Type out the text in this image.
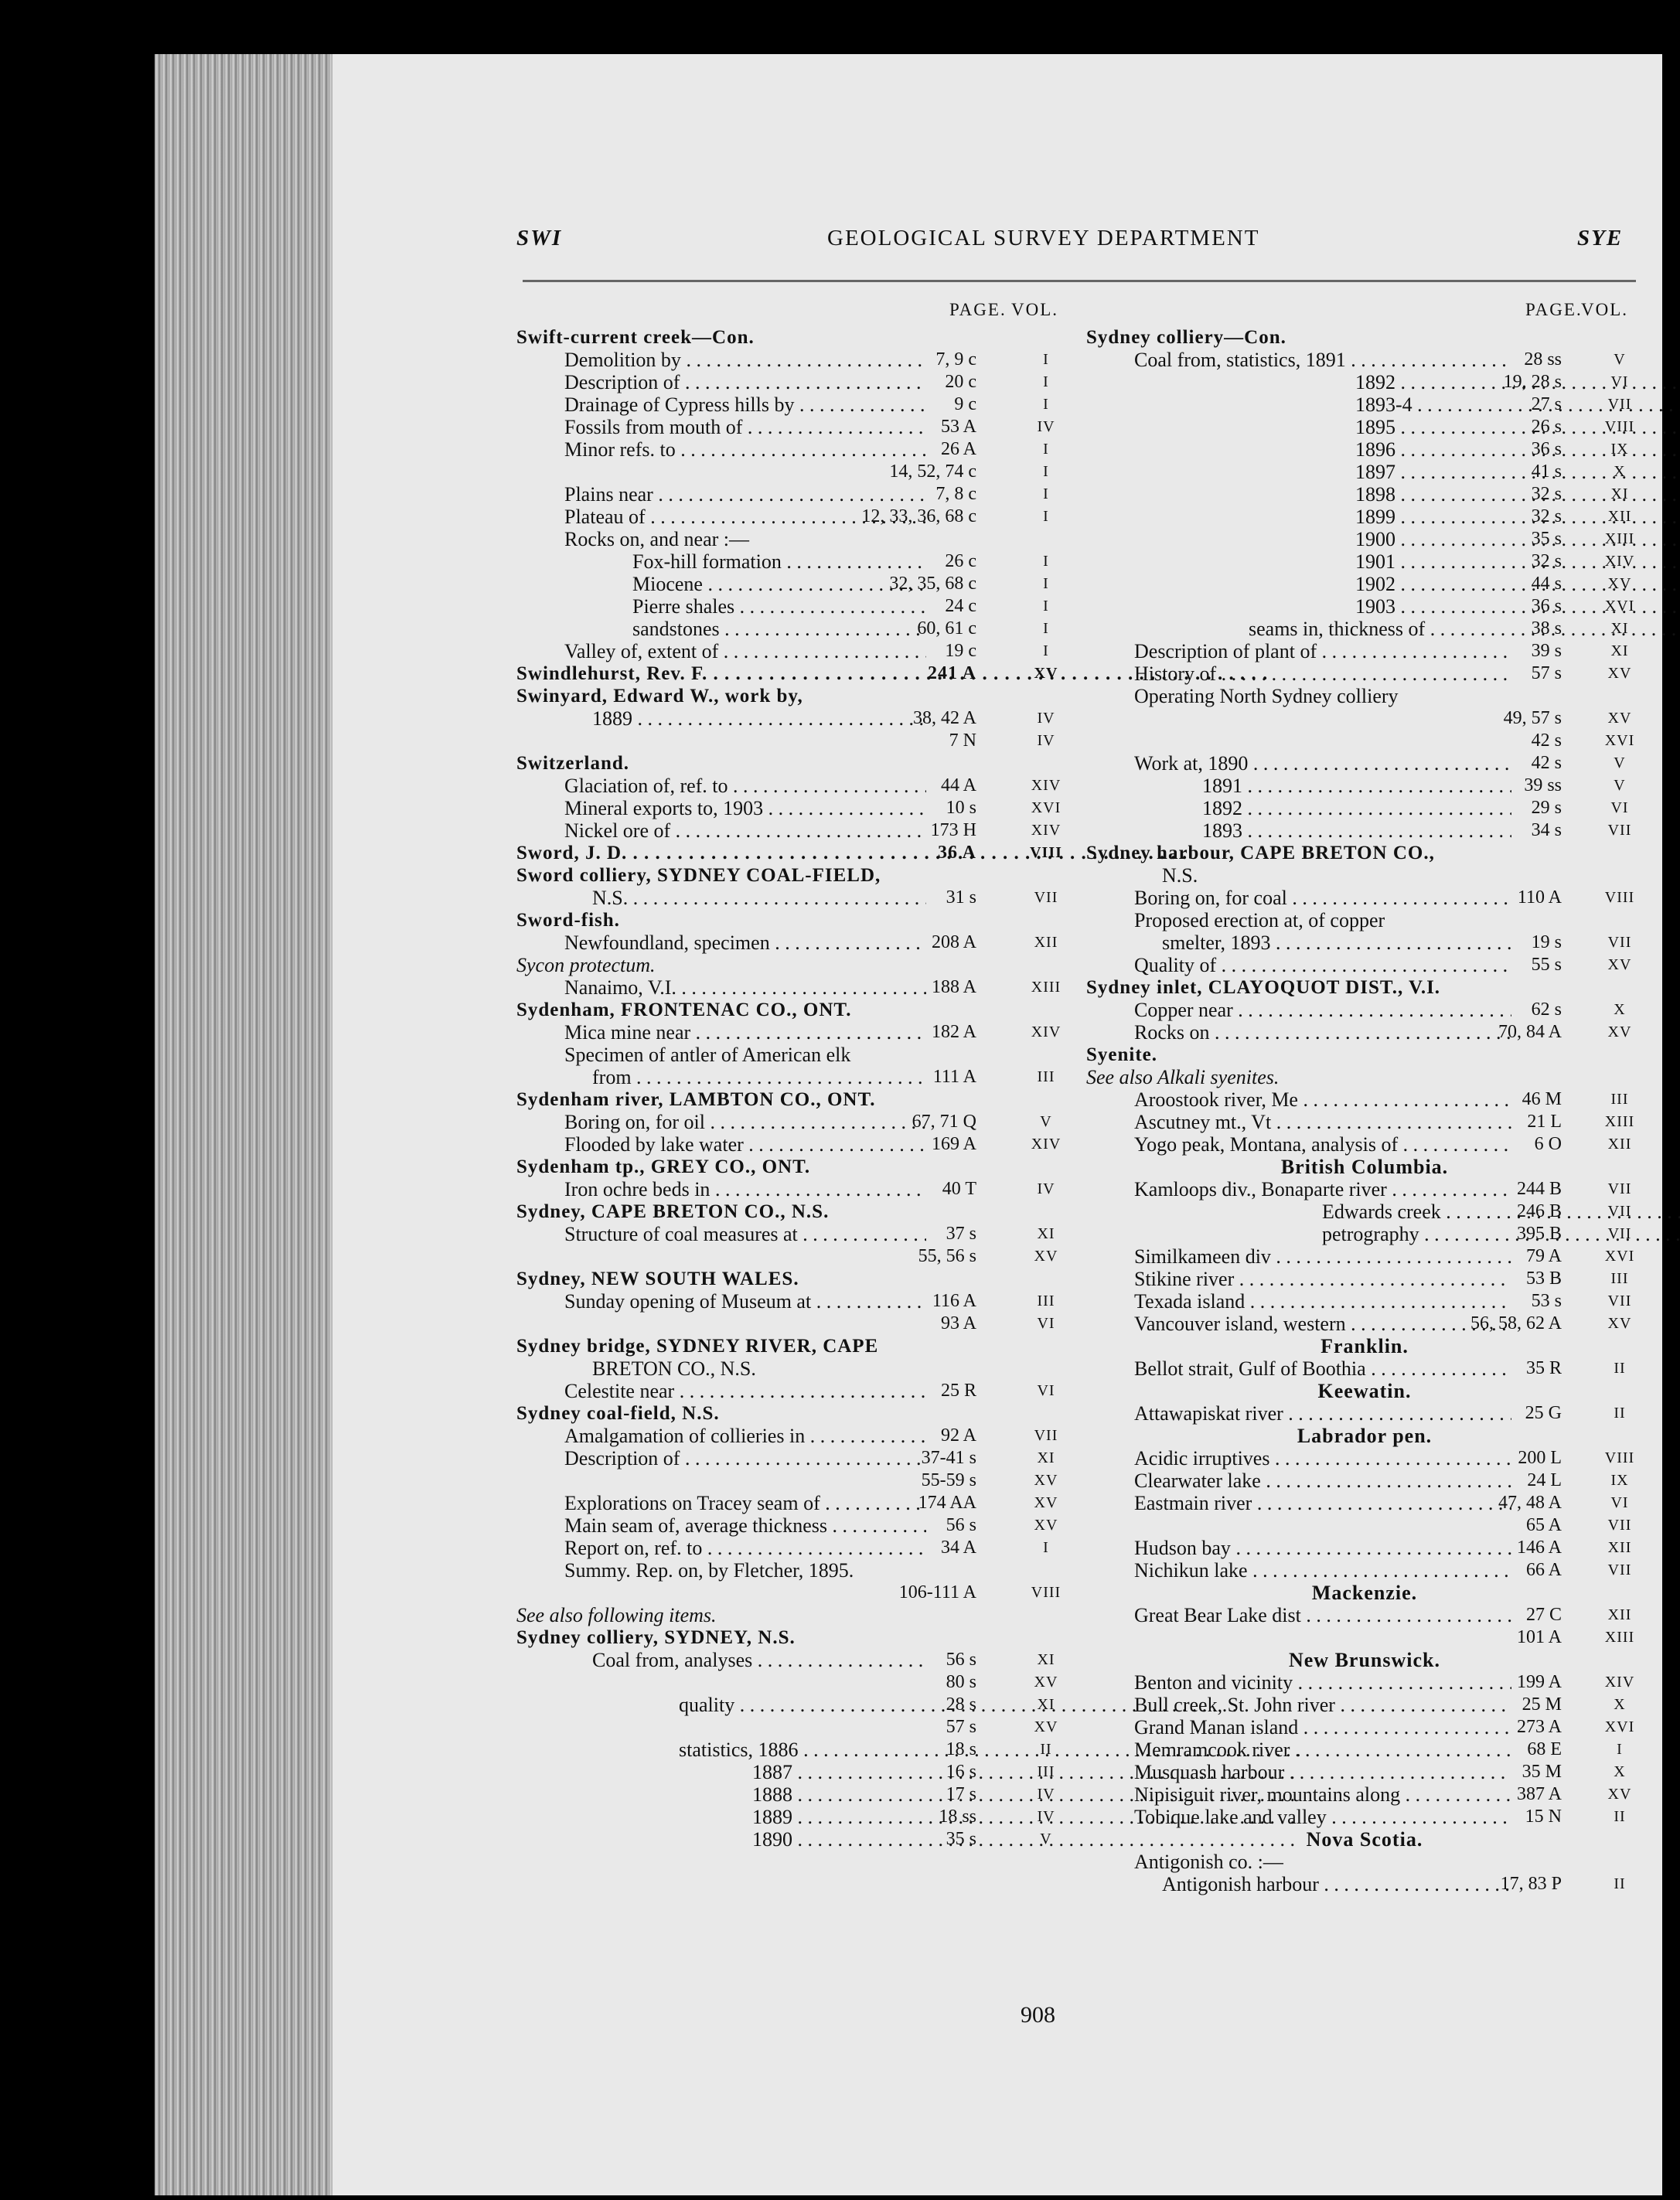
SWI	GEOLOGICAL SURVEY DEPARTMENT	SYE
PAGE. VOL.
Swift-current creek—Con.
Demolition by . . .	7, 9 c	I
Description of . . .	20 c	I
Drainage of Cypress hills by . . .	9 c	I
Fossils from mouth of . . .	53 A	IV
Minor refs. to . . .	26 A	I
14, 52, 74 c	I
Plains near . . .	7, 8 c	I
Plateau of . . .	12, 33, 36, 68 c	I
Rocks on, and near :—
Fox-hill formation . . .	26 c	I
Miocene . . .	32, 35, 68 c	I
Pierre shales . . .	24 c	I
sandstones . . .	60, 61 c	I
Valley of, extent of . . .	19 c	I
Swindlehurst, Rev. F. . . .	241 A	XV
Swinyard, Edward W., work by,
1889 . . .	38, 42 A	IV
7 N	IV
Switzerland.
Glaciation of, ref. to . . .	44 A	XIV
Mineral exports to, 1903 . . .	10 s	XVI
Nickel ore of . . .	173 H	XIV
Sword, J. D. . . .	36 A	VIII
Sword colliery, SYDNEY COAL-FIELD,
N.S. . . .	31 s	VII
Sword-fish.
Newfoundland, specimen . . .	208 A	XII
Sycon protectum.
Nanaimo, V.I. . . .	188 A	XIII
Sydenham, FRONTENAC CO., ONT.
Mica mine near . . .	182 A	XIV
Specimen of antler of American elk
from . . .	111 A	III
Sydenham river, LAMBTON CO., ONT.
Boring on, for oil . . .	67, 71 Q	V
Flooded by lake water . . .	169 A	XIV
Sydenham tp., GREY CO., ONT.
Iron ochre beds in . . .	40 T	IV
Sydney, CAPE BRETON CO., N.S.
Structure of coal measures at . . .	37 s	XI
55, 56 s	XV
Sydney, NEW SOUTH WALES.
Sunday opening of Museum at . . .	116 A	III
93 A	VI
Sydney bridge, SYDNEY RIVER, CAPE
BRETON CO., N.S.
Celestite near . . .	25 R	VI
Sydney coal-field, N.S.
Amalgamation of collieries in . . .	92 A	VII
Description of . . .	37-41 s	XI
55-59 s	XV
Explorations on Tracey seam of . . .	174 AA	XV
Main seam of, average thickness . . .	56 s	XV
Report on, ref. to . . .	34 A	I
Summy. Rep. on, by Fletcher, 1895.
106-111 A	VIII
See also following items.
Sydney colliery, SYDNEY, N.S.
Coal from, analyses . . .	56 s	XI
80 s	XV
quality . . .	28 s	XI
57 s	XV
statistics, 1886 . . .	18 s	II
1887 . . .	16 s	III
1888 . . .	17 s	IV
1889 . . .	18 ss	IV
1890 . . .	35 s	V
PAGE.
VOL.
Sydney colliery—Con.
Coal from, statistics, 1891 . . .	28 ss	V
1892 . . .	19, 28 s	VI
1893-4 . . .	27 s	VII
1895 . . .	26 s	VIII
1896 . . .	36 s	IX
1897 . . .	41 s	X
1898 . . .	32 s	XI
1899 . . .	32 s	XII
1900 . . .	35 s	XIII
1901 . . .	32 s	XIV
1902 . . .	44 s	XV
1903 . . .	36 s	XVI
seams in, thickness of . . .	38 s	XI
Description of plant of . . .	39 s	XI
History of . . .	57 s	XV
Operating North Sydney colliery
49, 57 s	XV
42 s	XVI
Work at, 1890 . . .	42 s	V
1891 . . .	39 ss	V
1892 . . .	29 s	VI
1893 . . .	34 s	VII
Sydney harbour, CAPE BRETON CO.,
N.S.
Boring on, for coal . . .	110 A	VIII
Proposed erection at, of copper
smelter, 1893 . . .	19 s	VII
Quality of . . .	55 s	XV
Sydney inlet, CLAYOQUOT DIST., V.I.
Copper near . . .	62 s	X
Rocks on . . .	70, 84 A	XV
Syenite.
See also Alkali syenites.
Aroostook river, Me . . .	46 M	III
Ascutney mt., Vt . . .	21 L	XIII
Yogo peak, Montana, analysis of . . .	6 O	XII
British Columbia.
Kamloops div., Bonaparte river . . .	244 B	VII
Edwards creek . . .	246 B	VII
petrography . . .	395 B	VII
Similkameen div . . .	79 A	XVI
Stikine river . . .	53 B	III
Texada island . . .	53 s	VII
Vancouver island, western . . .	56, 58, 62 A	XV
Franklin.
Bellot strait, Gulf of Boothia . . .	35 R	II
Keewatin.
Attawapiskat river . . .	25 G	II
Labrador pen.
Acidic irruptives . . .	200 L	VIII
Clearwater lake . . .	24 L	IX
Eastmain river . . .	47, 48 A	VI
65 A	VII
Hudson bay . . .	146 A	XII
Nichikun lake . . .	66 A	VII
Mackenzie.
Great Bear Lake dist . . .	27 C	XII
101 A	XIII
New Brunswick.
Benton and vicinity . . .	199 A	XIV
Bull creek, St. John river . . .	25 M	X
Grand Manan island . . .	273 A	XVI
Memramcook river . . .	68 E	I
Musquash harbour . . .	35 M	X
Nipisiguit river, mountains along . . .	387 A	XV
Tobique lake and valley . . .	15 N	II
Nova Scotia.
Antigonish co. :—
Antigonish harbour . . .	17, 83 P	II
908
